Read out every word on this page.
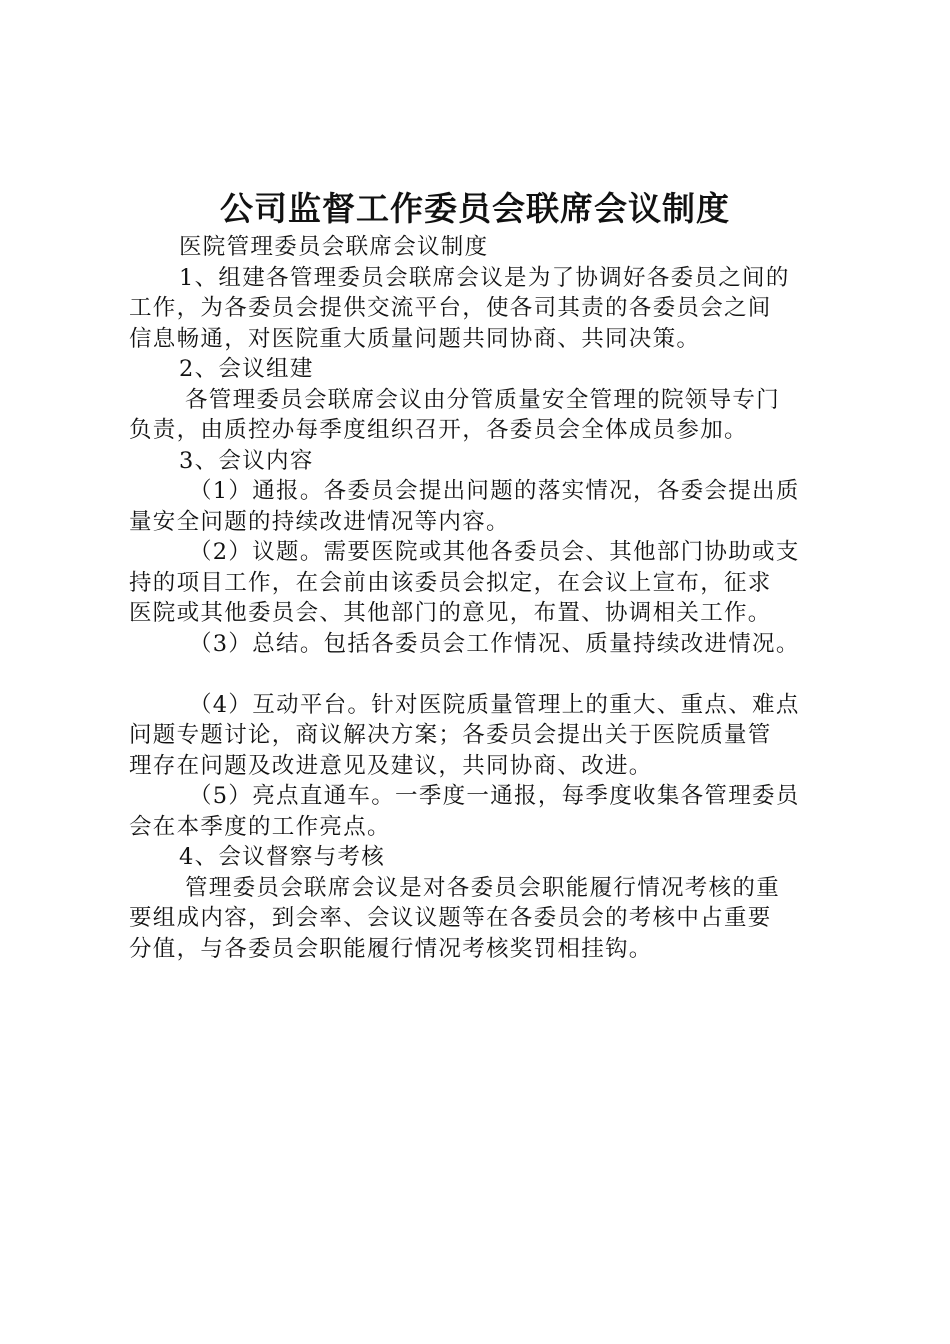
公司监督工作委员会联席会议制度
医院管理委员会联席会议制度
1、组建各管理委员会联席会议是为了协调好各委员之间的
工作，为各委员会提供交流平台，使各司其责的各委员会之间
信息畅通，对医院重大质量问题共同协商、共同决策。
2、会议组建
各管理委员会联席会议由分管质量安全管理的院领导专门
负责，由质控办每季度组织召开，各委员会全体成员参加。
3、会议内容
（1）通报。各委员会提出问题的落实情况，各委会提出质
量安全问题的持续改进情况等内容。
（2）议题。需要医院或其他各委员会、其他部门协助或支
持的项目工作，在会前由该委员会拟定，在会议上宣布，征求
医院或其他委员会、其他部门的意见，布置、协调相关工作。
（3）总结。包括各委员会工作情况、质量持续改进情况。
（4）互动平台。针对医院质量管理上的重大、重点、难点
问题专题讨论，商议解决方案；各委员会提出关于医院质量管
理存在问题及改进意见及建议，共同协商、改进。
（5）亮点直通车。一季度一通报，每季度收集各管理委员
会在本季度的工作亮点。
4、会议督察与考核
管理委员会联席会议是对各委员会职能履行情况考核的重
要组成内容，到会率、会议议题等在各委员会的考核中占重要
分值，与各委员会职能履行情况考核奖罚相挂钩。
